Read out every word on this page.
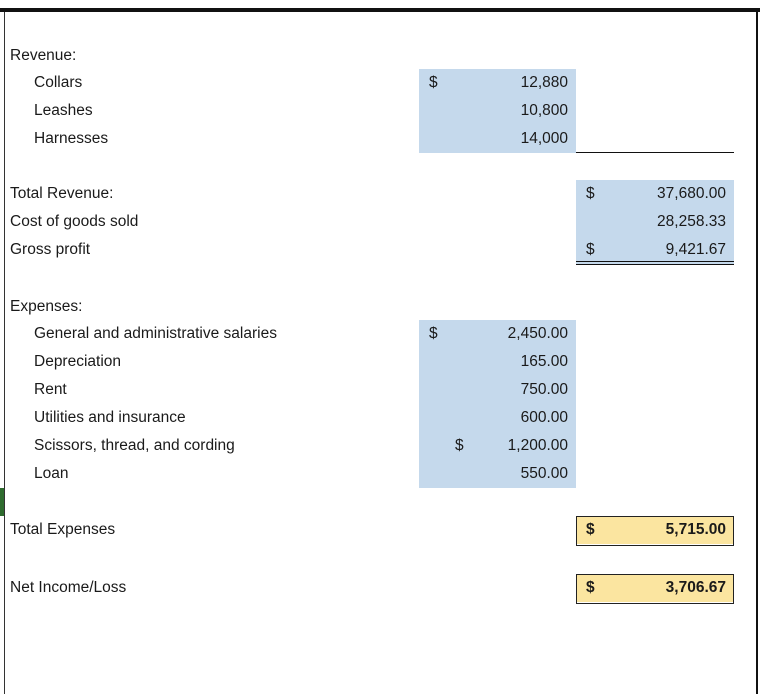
Revenue:
Collars	$	12,880
Leashes	10,800
Harnesses	14,000
Total Revenue:	$	37,680.00
Cost of goods sold	28,258.33
Gross profit	$	9,421.67
Expenses:
General and administrative salaries	$	2,450.00
Depreciation	165.00
Rent	750.00
Utilities and insurance	600.00
Scissors, thread, and cording	$	1,200.00
Loan	550.00
Total Expenses	$	5,715.00
Net Income/Loss	$	3,706.67
